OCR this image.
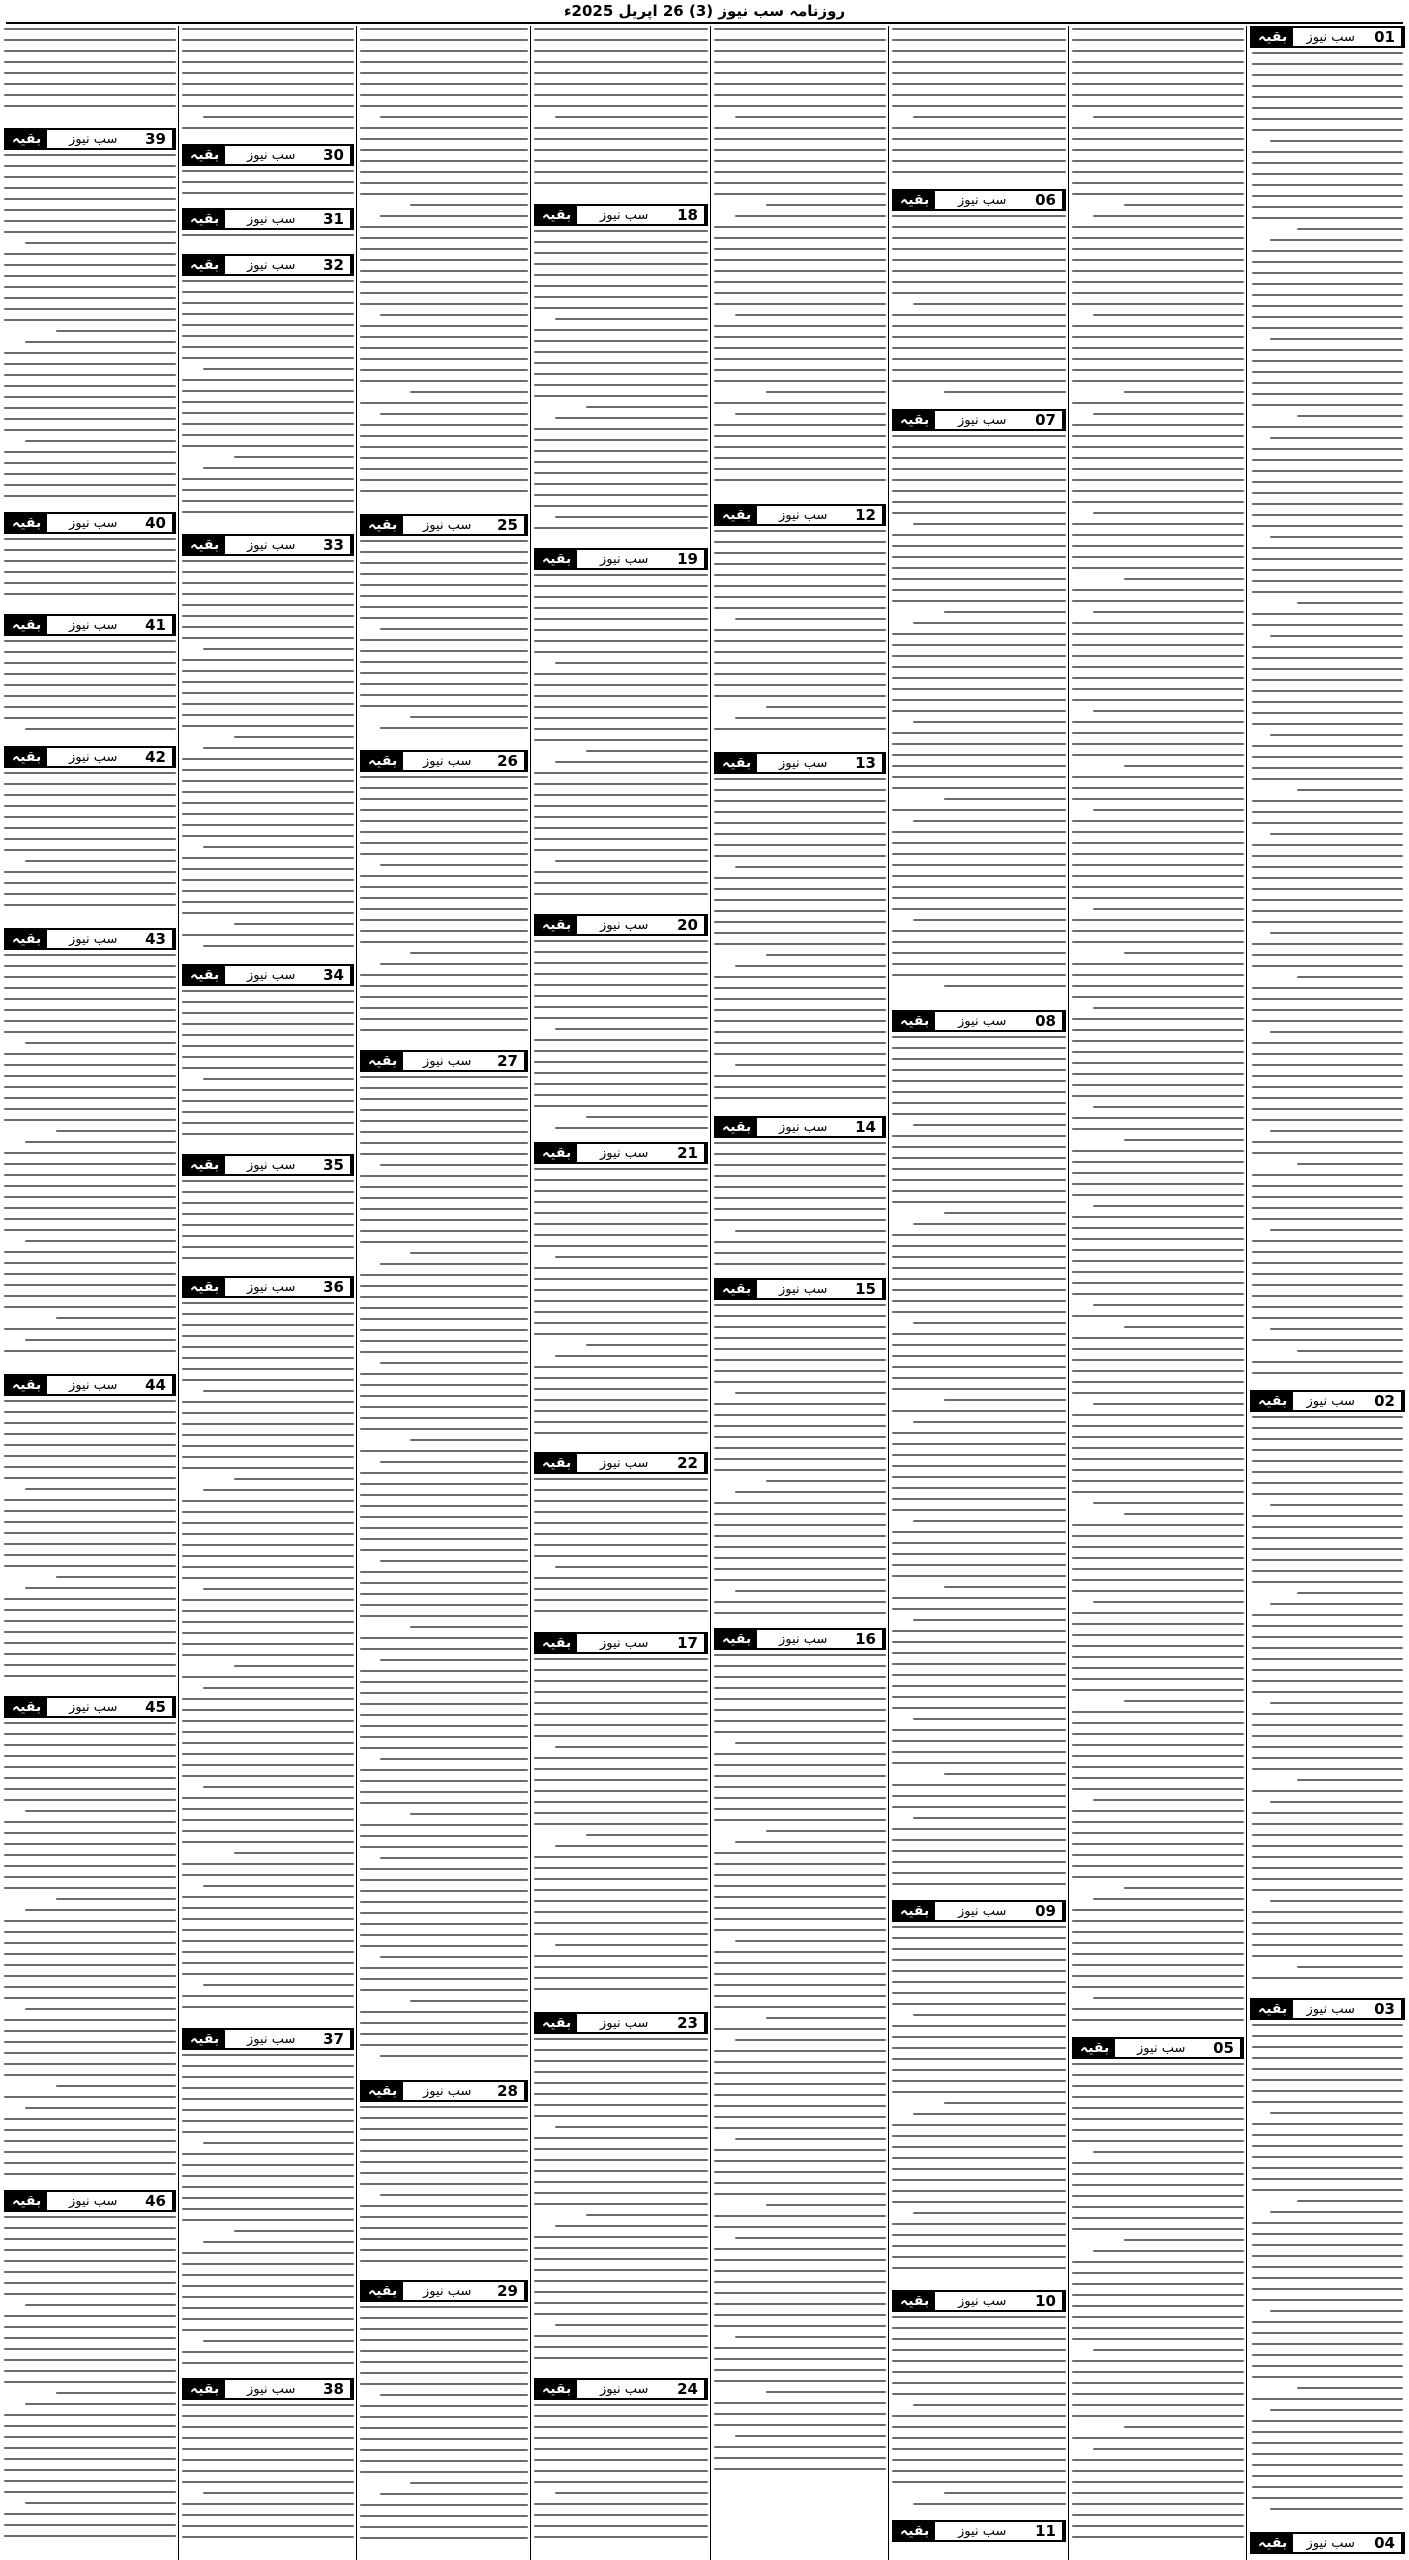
روزنامہ سب نیوز (3) 26 اپریل 2025ء
01
سب نیوز
بقیہ
02
سب نیوز
بقیہ
03
سب نیوز
بقیہ
04
سب نیوز
بقیہ
05
سب نیوز
بقیہ
06
سب نیوز
بقیہ
07
سب نیوز
بقیہ
08
سب نیوز
بقیہ
09
سب نیوز
بقیہ
10
سب نیوز
بقیہ
11
سب نیوز
بقیہ
12
سب نیوز
بقیہ
13
سب نیوز
بقیہ
14
سب نیوز
بقیہ
15
سب نیوز
بقیہ
16
سب نیوز
بقیہ
18
سب نیوز
بقیہ
19
سب نیوز
بقیہ
20
سب نیوز
بقیہ
21
سب نیوز
بقیہ
22
سب نیوز
بقیہ
17
سب نیوز
بقیہ
23
سب نیوز
بقیہ
24
سب نیوز
بقیہ
25
سب نیوز
بقیہ
26
سب نیوز
بقیہ
27
سب نیوز
بقیہ
28
سب نیوز
بقیہ
29
سب نیوز
بقیہ
30
سب نیوز
بقیہ
31
سب نیوز
بقیہ
32
سب نیوز
بقیہ
33
سب نیوز
بقیہ
34
سب نیوز
بقیہ
35
سب نیوز
بقیہ
36
سب نیوز
بقیہ
37
سب نیوز
بقیہ
38
سب نیوز
بقیہ
39
سب نیوز
بقیہ
40
سب نیوز
بقیہ
41
سب نیوز
بقیہ
42
سب نیوز
بقیہ
43
سب نیوز
بقیہ
44
سب نیوز
بقیہ
45
سب نیوز
بقیہ
46
سب نیوز
بقیہ
